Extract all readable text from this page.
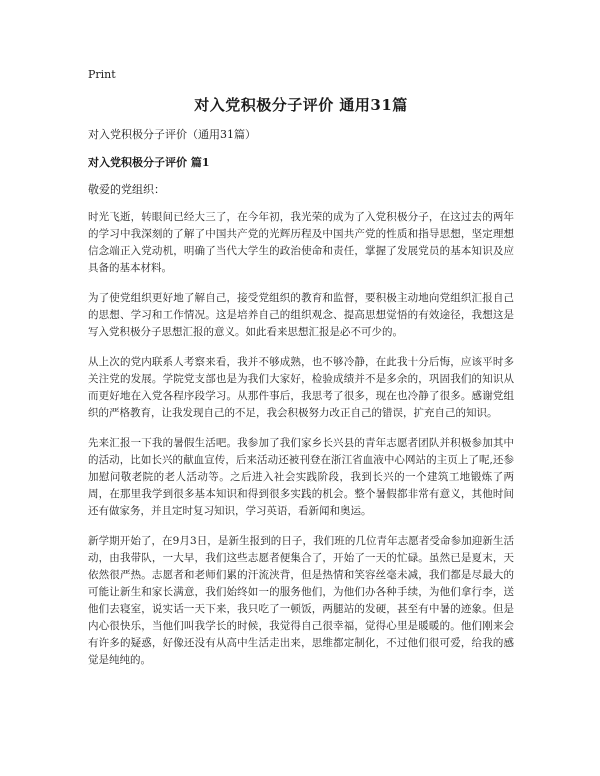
Print
对入党积极分子评价 通用31篇
对入党积极分子评价（通用31篇）
对入党积极分子评价 篇1
敬爱的党组织：

时光飞逝，转眼间已经大三了，在今年初，我光荣的成为了入党积极分子，在这过去的两年的学习中我深刻的了解了中国共产党的光辉历程及中国共产党的性质和指导思想，坚定理想信念端正入党动机，明确了当代大学生的政治使命和责任，掌握了发展党员的基本知识及应具备的基本材料。

为了使党组织更好地了解自己，接受党组织的教育和监督，要积极主动地向党组织汇报自己的思想、学习和工作情况。这是培养自己的组织观念、提高思想觉悟的有效途径，我想这是写入党积极分子思想汇报的意义。如此看来思想汇报是必不可少的。

从上次的党内联系人考察来看，我并不够成熟，也不够冷静，在此我十分后悔，应该平时多关注党的发展。学院党支部也是为我们大家好，检验成绩并不是多余的，巩固我们的知识从而更好地在入党各程序段学习。从那件事后，我思考了很多，现在也冷静了很多。感谢党组织的严格教育，让我发现自己的不足，我会积极努力改正自己的错误，扩充自己的知识。

先来汇报一下我的暑假生活吧。我参加了我们家乡长兴县的青年志愿者团队并积极参加其中的活动，比如长兴的献血宣传，后来活动还被刊登在浙江省血液中心网站的主页上了呢,还参加慰问敬老院的老人活动等。之后进入社会实践阶段，我到长兴的一个建筑工地锻炼了两周，在那里我学到很多基本知识和得到很多实践的机会。整个暑假都非常有意义，其他时间还有做家务，并且定时复习知识，学习英语，看新闻和奥运。

新学期开始了，在9月3日，是新生报到的日子，我们班的几位青年志愿者受命参加迎新生活动，由我带队，一大早，我们这些志愿者便集合了，开始了一天的忙碌。虽然已是夏末，天依然很严热。志愿者和老师们累的汗流浃背，但是热情和笑容丝毫未减，我们都是尽最大的可能让新生和家长满意，我们始终如一的服务他们，为他们办各种手续，为他们拿行李，送他们去寝室，说实话一天下来，我只吃了一顿饭，两腿站的发硬，甚至有中暑的迹象。但是内心很快乐，当他们叫我学长的时候，我觉得自己很幸福，觉得心里是暖暖的。他们刚来会有许多的疑惑，好像还没有从高中生活走出来，思维都定制化，不过他们很可爱，给我的感觉是纯纯的。
